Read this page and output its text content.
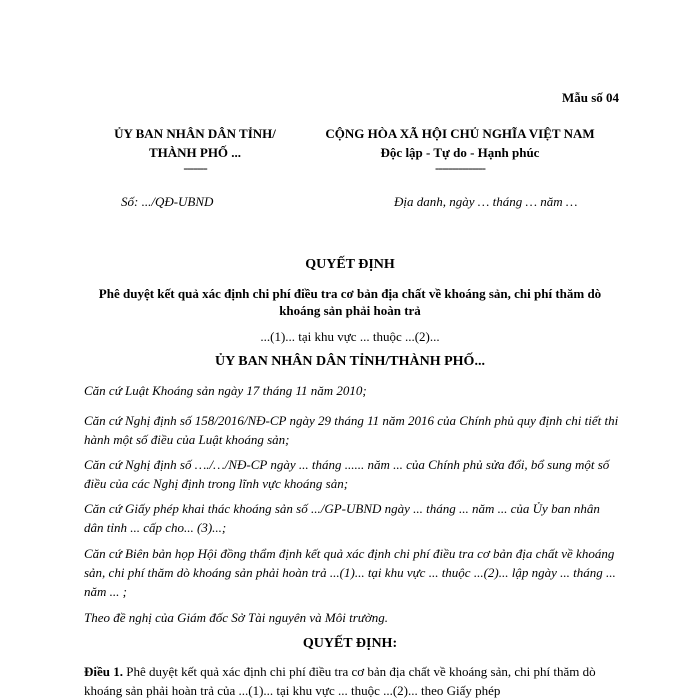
Mẫu số 04
ỦY BAN NHÂN DÂN TỈNH/
THÀNH PHỐ ...
-------
CỘNG HÒA XÃ HỘI CHỦ NGHĨA VIỆT NAM
Độc lập - Tự do - Hạnh phúc
---------------
Số: .../QĐ-UBND	Địa danh, ngày … tháng … năm …
QUYẾT ĐỊNH
Phê duyệt kết quả xác định chi phí điều tra cơ bản địa chất về khoáng sản, chi phí thăm dò khoáng sản phải hoàn trả
...(1)... tại khu vực ... thuộc ...(2)...
ỦY BAN NHÂN DÂN TỈNH/THÀNH PHỐ...
Căn cứ Luật Khoáng sản ngày 17 tháng 11 năm 2010;
Căn cứ Nghị định số 158/2016/NĐ-CP ngày 29 tháng 11 năm 2016 của Chính phủ quy định chi tiết thi hành một số điều của Luật khoáng sản;
Căn cứ Nghị định số …./…/NĐ-CP ngày ... tháng ...... năm ... của Chính phủ sửa đổi, bổ sung một số điều của các Nghị định trong lĩnh vực khoáng sản;
Căn cứ Giấy phép khai thác khoáng sản số .../GP-UBND ngày ... tháng ... năm ... của Ủy ban nhân dân tỉnh ... cấp cho... (3)...;
Căn cứ Biên bản họp Hội đồng thẩm định kết quả xác định chi phí điều tra cơ bản địa chất về khoáng sản, chi phí thăm dò khoáng sản phải hoàn trả ...(1)... tại khu vực ... thuộc ...(2)... lập ngày ... tháng ... năm ... ;
Theo đề nghị của Giám đốc Sở Tài nguyên và Môi trường.
QUYẾT ĐỊNH:
Điều 1. Phê duyệt kết quả xác định chi phí điều tra cơ bản địa chất về khoáng sản, chi phí thăm dò khoáng sản phải hoàn trả của ...(1)... tại khu vực ... thuộc ...(2)... theo Giấy phép
